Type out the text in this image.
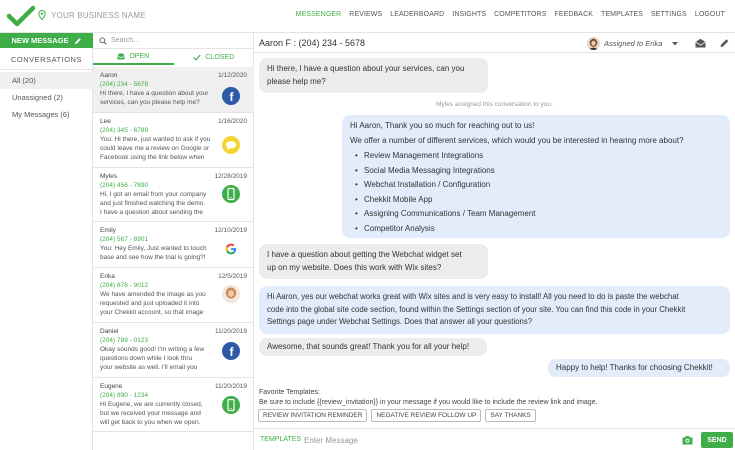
YOUR BUSINESS NAME	MESSENGER REVIEWS LEADERBOARD INSIGHTS COMPETITORS FEEDBACK TEMPLATES SETTINGS LOGOUT
NEW MESSAGE
CONVERSATIONS
All (20)
Unassigned (2)
My Messages (6)
Search...
OPEN	CLOSED
Aaron
(204) 234 - 5678
Hi there, I have a question about your
services, can you please help me?
1/12/2020
f
Lee
(204) 345 - 6789
You: Hi there, just wanted to ask if you
could leave me a review on Google or
Facebook using the link below when
1/16/2020
Myles
(204) 456 - 7890
Hi, I got an email from your company
and just finished watching the demo.
I have a question about sending the
12/28/2019
Emily
(204) 567 - 8901
You: Hey Emily, Just wanted to touch
base and see how the trial is going?!
12/10/2019
Erika
(204) 678 - 9012
We have amended the image as you
requested and just uploaded it into
your Chekkit account, so that image
12/5/2019
Daniel
(204) 789 - 0123
Okay sounds good! I'm writing a few
questions down while I look thru
your website as well. I'll email you
11/20/2019
f
Eugene
(204) 890 - 1234
Hi Eugene, we are currently closed,
but we received your message and
will get back to you when we open.
11/20/2019
Aaron F : (204) 234 - 5678	Assigned to Erika
Hi there, I have a question about your services, can you
please help me?
Myles assigned this conversation to you.
Hi Aaron, Thank you so much for reaching out to us!
We offer a number of different services, which would you be interested in hearing more about?
• Review Management Integrations
• Social Media Messaging Integrations
• Webchat Installation / Configuration
• Chekkit Mobile App
• Assigning Communications / Team Management
• Competitor Analysis
I have a question about getting the Webchat widget set
up on my website. Does this work with Wix sites?
Hi Aaron, yes our webchat works great with Wix sites and is very easy to install! All you need to do is paste the webchat
code into the global site code section, found within the Settings section of your site. You can find this code in your Chekkit
Settings page under Webchat Settings. Does that answer all your questions?
Awesome, that sounds great! Thank you for all your help!
Happy to help! Thanks for choosing Chekkit!
Favorite Templates:
Be sure to include {{review_invitation}} in your message if you would like to include the review link and image.
REVIEW INVITATION REMINDER	NEGATIVE REVIEW FOLLOW UP	SAY THANKS
TEMPLATES
Enter Message	SEND
